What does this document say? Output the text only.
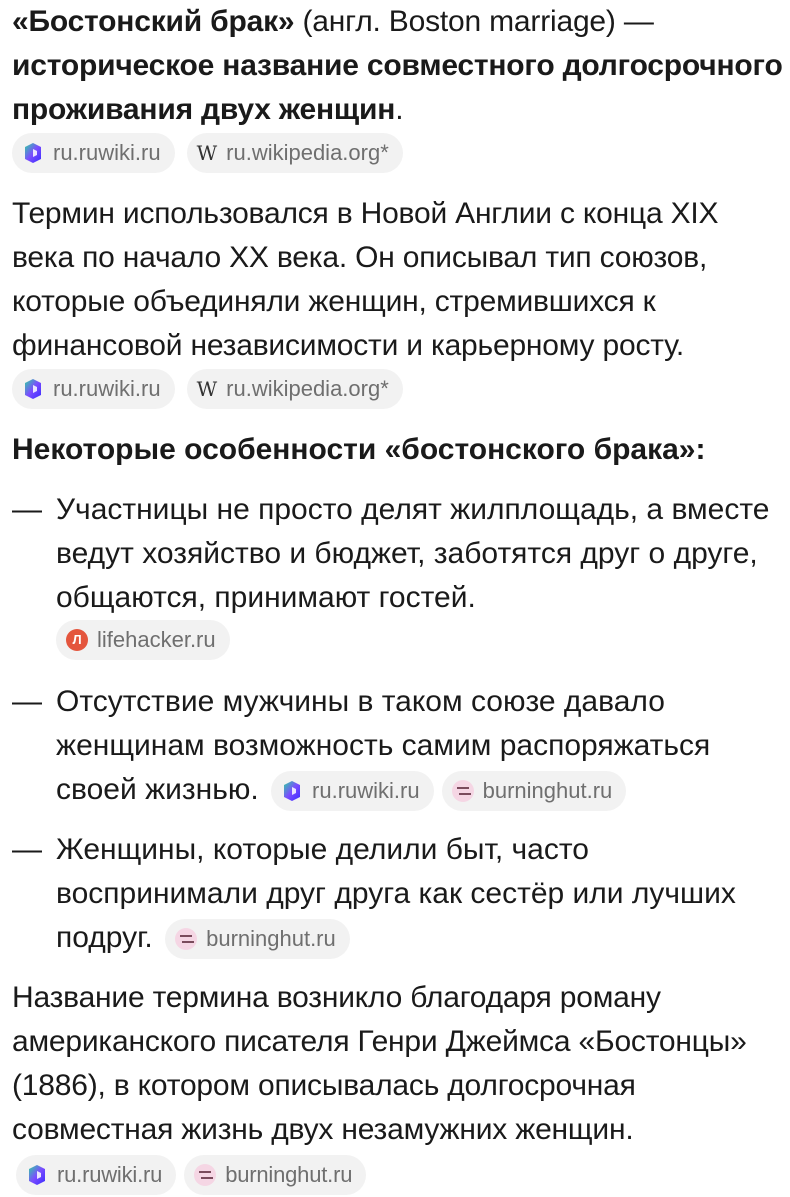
«Бостонский брак» (англ. Boston marriage) — историческое название совместного долгосрочного проживания двух женщин.
ru.ruwiki.ru W ru.wikipedia.org*
Термин использовался в Новой Англии с конца XIX века по начало XX века. Он описывал тип союзов, которые объединяли женщин, стремившихся к финансовой независимости и карьерному росту.
ru.ruwiki.ru W ru.wikipedia.org*
Некоторые особенности «бостонского брака»:
— Участницы не просто делят жилплощадь, а вместе ведут хозяйство и бюджет, заботятся друг о друге, общаются, принимают гостей.
Л lifehacker.ru
— Отсутствие мужчины в таком союзе давало женщинам возможность самим распоряжаться своей жизнью. ru.ruwiki.ru	burninghut.ru
— Женщины, которые делили быт, часто воспринимали друг друга как сестёр или лучших подруг. burninghut.ru
Название термина возникло благодаря роману американского писателя Генри Джеймса «Бостонцы» (1886), в котором описывалась долгосрочная совместная жизнь двух незамужних женщин.
ru.ruwiki.ru	burninghut.ru
